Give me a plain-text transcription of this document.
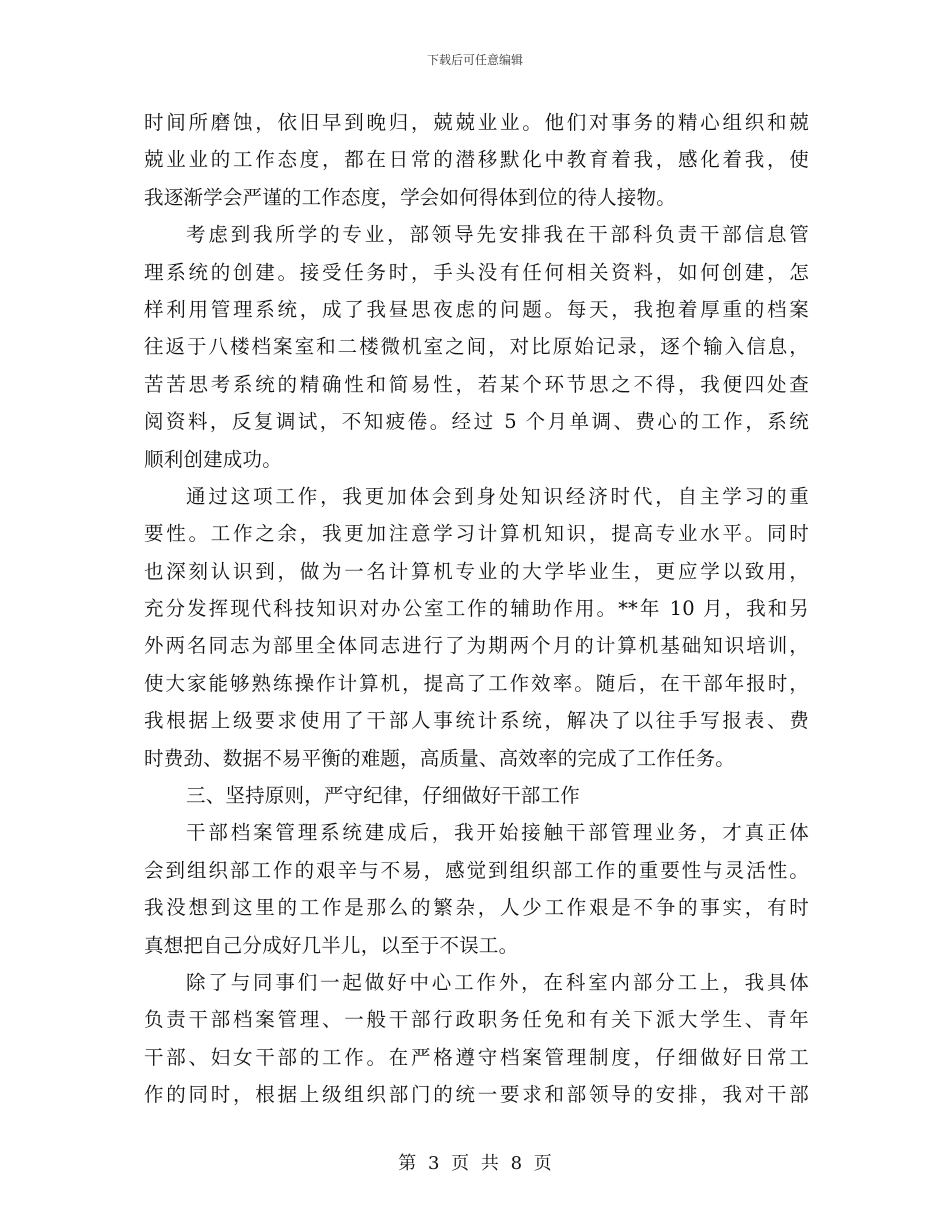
下载后可任意编辑
时间所磨蚀，依旧早到晚归，兢兢业业。他们对事务的精心组织和兢
兢业业的工作态度，都在日常的潜移默化中教育着我，感化着我，使
我逐渐学会严谨的工作态度，学会如何得体到位的待人接物。
考虑到我所学的专业，部领导先安排我在干部科负责干部信息管
理系统的创建。接受任务时，手头没有任何相关资料，如何创建，怎
样利用管理系统，成了我昼思夜虑的问题。每天，我抱着厚重的档案
往返于八楼档案室和二楼微机室之间，对比原始记录，逐个输入信息，
苦苦思考系统的精确性和简易性，若某个环节思之不得，我便四处查
阅资料，反复调试，不知疲倦。经过 5 个月单调、费心的工作，系统
顺利创建成功。
通过这项工作，我更加体会到身处知识经济时代，自主学习的重
要性。工作之余，我更加注意学习计算机知识，提高专业水平。同时
也深刻认识到，做为一名计算机专业的大学毕业生，更应学以致用，
充分发挥现代科技知识对办公室工作的辅助作用。**年 10 月，我和另
外两名同志为部里全体同志进行了为期两个月的计算机基础知识培训，
使大家能够熟练操作计算机，提高了工作效率。随后，在干部年报时，
我根据上级要求使用了干部人事统计系统，解决了以往手写报表、费
时费劲、数据不易平衡的难题，高质量、高效率的完成了工作任务。
三、坚持原则，严守纪律，仔细做好干部工作
干部档案管理系统建成后，我开始接触干部管理业务，才真正体
会到组织部工作的艰辛与不易，感觉到组织部工作的重要性与灵活性。
我没想到这里的工作是那么的繁杂，人少工作艰是不争的事实，有时
真想把自己分成好几半儿，以至于不误工。
除了与同事们一起做好中心工作外，在科室内部分工上，我具体
负责干部档案管理、一般干部行政职务任免和有关下派大学生、青年
干部、妇女干部的工作。在严格遵守档案管理制度，仔细做好日常工
作的同时，根据上级组织部门的统一要求和部领导的安排，我对干部
第 3 页 共 8 页
